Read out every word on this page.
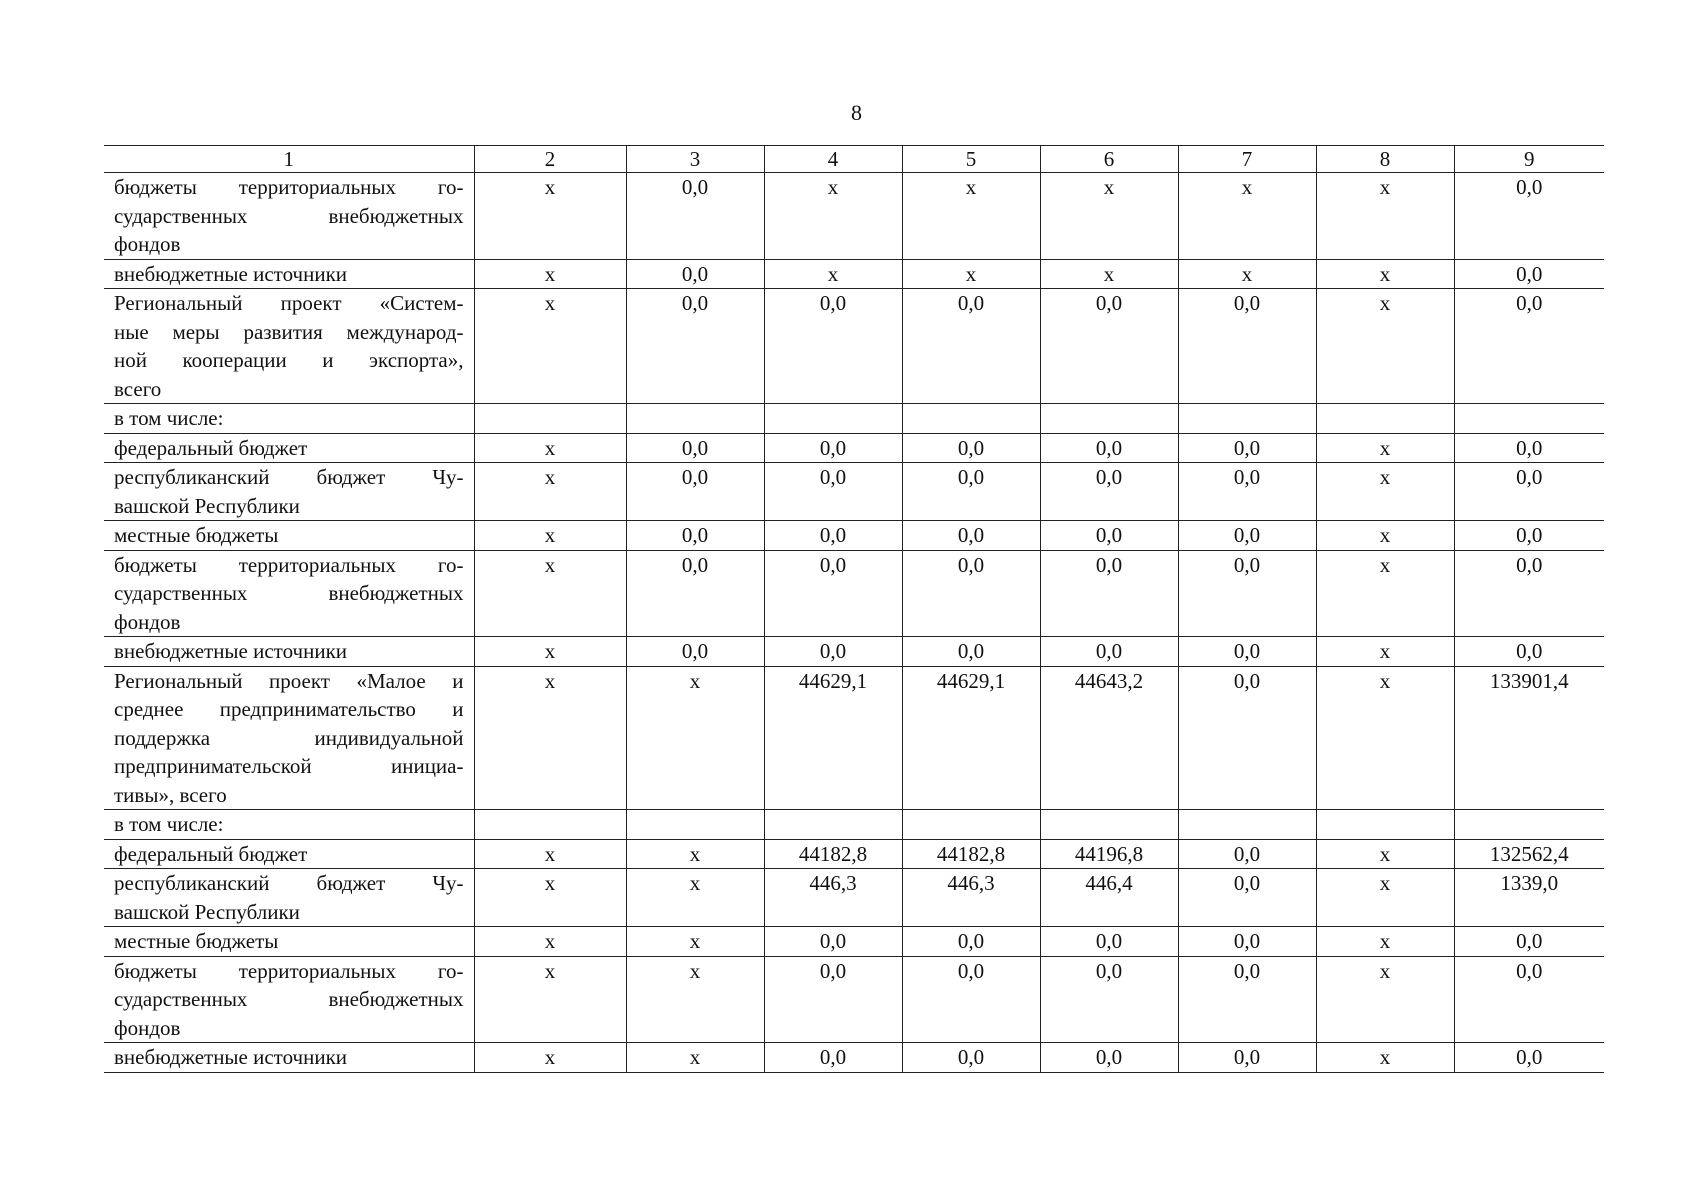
8
1	2	3	4	5	6	7	8	9

бюджеты территориальных го-
сударственных внебюджетных
фондов	x	0,0	x	x	x	x	x	0,0

внебюджетные источники	x	0,0	x	x	x	x	x	0,0

Региональный проект «Систем-
ные меры развития международ-
ной кооперации и экспорта»,
всего	x	0,0	0,0	0,0	0,0	0,0	x	0,0

в том числе:								

федеральный бюджет	x	0,0	0,0	0,0	0,0	0,0	x	0,0

республиканский бюджет Чу-
вашской Республики	x	0,0	0,0	0,0	0,0	0,0	x	0,0

местные бюджеты	x	0,0	0,0	0,0	0,0	0,0	x	0,0

бюджеты территориальных го-
сударственных внебюджетных
фондов	x	0,0	0,0	0,0	0,0	0,0	x	0,0

внебюджетные источники	x	0,0	0,0	0,0	0,0	0,0	x	0,0

Региональный проект «Малое и
среднее предпринимательство и
поддержка индивидуальной
предпринимательской инициа-
тивы», всего	x	x	44629,1	44629,1	44643,2	0,0	x	133901,4

в том числе:								

федеральный бюджет	x	x	44182,8	44182,8	44196,8	0,0	x	132562,4

республиканский бюджет Чу-
вашской Республики	x	x	446,3	446,3	446,4	0,0	x	1339,0

местные бюджеты	x	x	0,0	0,0	0,0	0,0	x	0,0

бюджеты территориальных го-
сударственных внебюджетных
фондов	x	x	0,0	0,0	0,0	0,0	x	0,0

внебюджетные источники	x	x	0,0	0,0	0,0	0,0	x	0,0
